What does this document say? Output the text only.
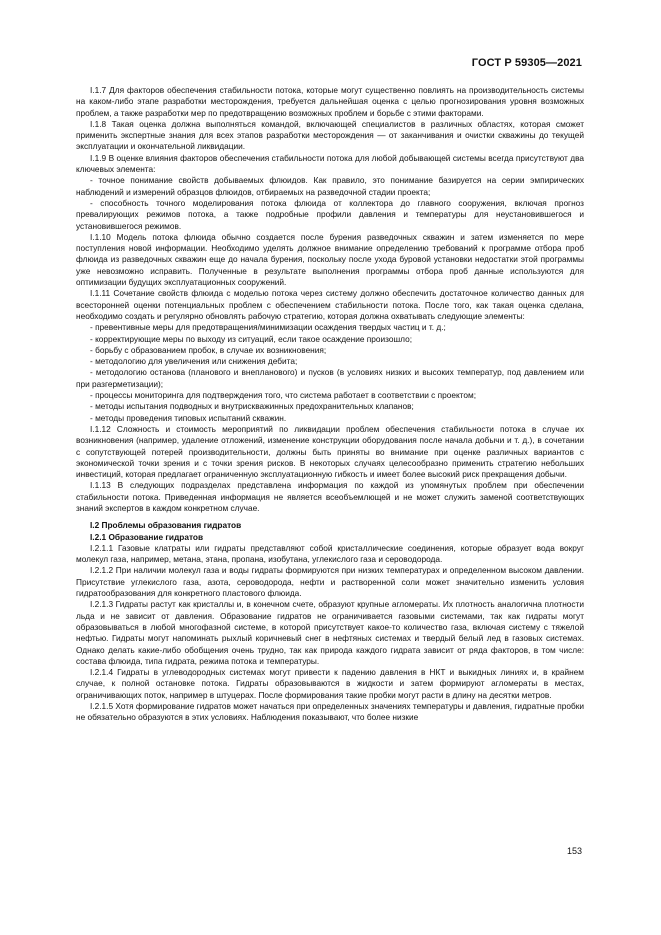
ГОСТ Р 59305—2021

I.1.7 Для факторов обеспечения стабильности потока, которые могут существенно повлиять на производительность системы на каком-либо этапе разработки месторождения, требуется дальнейшая оценка с целью прогнозирования уровня возможных проблем, а также разработки мер по предотвращению возможных проблем и борьбе с этими факторами.

I.1.8 Такая оценка должна выполняться командой, включающей специалистов в различных областях, которая сможет применить экспертные знания для всех этапов разработки месторождения — от заканчивания и очистки скважины до текущей эксплуатации и окончательной ликвидации.

I.1.9 В оценке влияния факторов обеспечения стабильности потока для любой добывающей системы всегда присутствуют два ключевых элемента:

- точное понимание свойств добываемых флюидов. Как правило, это понимание базируется на серии эмпирических наблюдений и измерений образцов флюидов, отбираемых на разведочной стадии проекта;

- способность точного моделирования потока флюида от коллектора до главного сооружения, включая прогноз превалирующих режимов потока, а также подробные профили давления и температуры для неустановившегося и установившегося режимов.

I.1.10 Модель потока флюида обычно создается после бурения разведочных скважин и затем изменяется по мере поступления новой информации. Необходимо уделять должное внимание определению требований к программе отбора проб флюида из разведочных скважин еще до начала бурения, поскольку после ухода буровой установки недостатки этой программы уже невозможно исправить. Полученные в результате выполнения программы отбора проб данные используются для оптимизации будущих эксплуатационных сооружений.

I.1.11 Сочетание свойств флюида с моделью потока через систему должно обеспечить достаточное количество данных для всесторонней оценки потенциальных проблем с обеспечением стабильности потока. После того, как такая оценка сделана, необходимо создать и регулярно обновлять рабочую стратегию, которая должна охватывать следующие элементы:

- превентивные меры для предотвращения/минимизации осаждения твердых частиц и т. д.;

- корректирующие меры по выходу из ситуаций, если такое осаждение произошло;

- борьбу с образованием пробок, в случае их возникновения;

- методологию для увеличения или снижения дебита;

- методологию останова (планового и внепланового) и пусков (в условиях низких и высоких температур, под давлением или при разгерметизации);

- процессы мониторинга для подтверждения того, что система работает в соответствии с проектом;

- методы испытания подводных и внутрискважинных предохранительных клапанов;

- методы проведения типовых испытаний скважин.

I.1.12 Сложность и стоимость мероприятий по ликвидации проблем обеспечения стабильности потока в случае их возникновения (например, удаление отложений, изменение конструкции оборудования после начала добычи и т. д.), в сочетании с сопутствующей потерей производительности, должны быть приняты во внимание при оценке различных вариантов с экономической точки зрения и с точки зрения рисков. В некоторых случаях целесообразно применить стратегию небольших инвестиций, которая предлагает ограниченную эксплуатационную гибкость и имеет более высокий риск прекращения добычи.

I.1.13 В следующих подразделах представлена информация по каждой из упомянутых проблем при обеспечении стабильности потока. Приведенная информация не является всеобъемлющей и не может служить заменой соответствующих знаний экспертов в каждом конкретном случае.

I.2 Проблемы образования гидратов

I.2.1 Образование гидратов

I.2.1.1 Газовые клатраты или гидраты представляют собой кристаллические соединения, которые образует вода вокруг молекул газа, например, метана, этана, пропана, изобутана, углекислого газа и сероводорода.

I.2.1.2 При наличии молекул газа и воды гидраты формируются при низких температурах и определенном высоком давлении. Присутствие углекислого газа, азота, сероводорода, нефти и растворенной соли может значительно изменить условия гидратообразования для конкретного пластового флюида.

I.2.1.3 Гидраты растут как кристаллы и, в конечном счете, образуют крупные агломераты. Их плотность аналогична плотности льда и не зависит от давления. Образование гидратов не ограничивается газовыми системами, так как гидраты могут образовываться в любой многофазной системе, в которой присутствует какое-то количество газа, включая систему с тяжелой нефтью. Гидраты могут напоминать рыхлый коричневый снег в нефтяных системах и твердый белый лед в газовых системах. Однако делать какие-либо обобщения очень трудно, так как природа каждого гидрата зависит от ряда факторов, в том числе: состава флюида, типа гидрата, режима потока и температуры.

I.2.1.4 Гидраты в углеводородных системах могут привести к падению давления в НКТ и выкидных линиях и, в крайнем случае, к полной остановке потока. Гидраты образовываются в жидкости и затем формируют агломераты в местах, ограничивающих поток, например в штуцерах. После формирования такие пробки могут расти в длину на десятки метров.

I.2.1.5 Хотя формирование гидратов может начаться при определенных значениях температуры и давления, гидратные пробки не обязательно образуются в этих условиях. Наблюдения показывают, что более низкие

153
